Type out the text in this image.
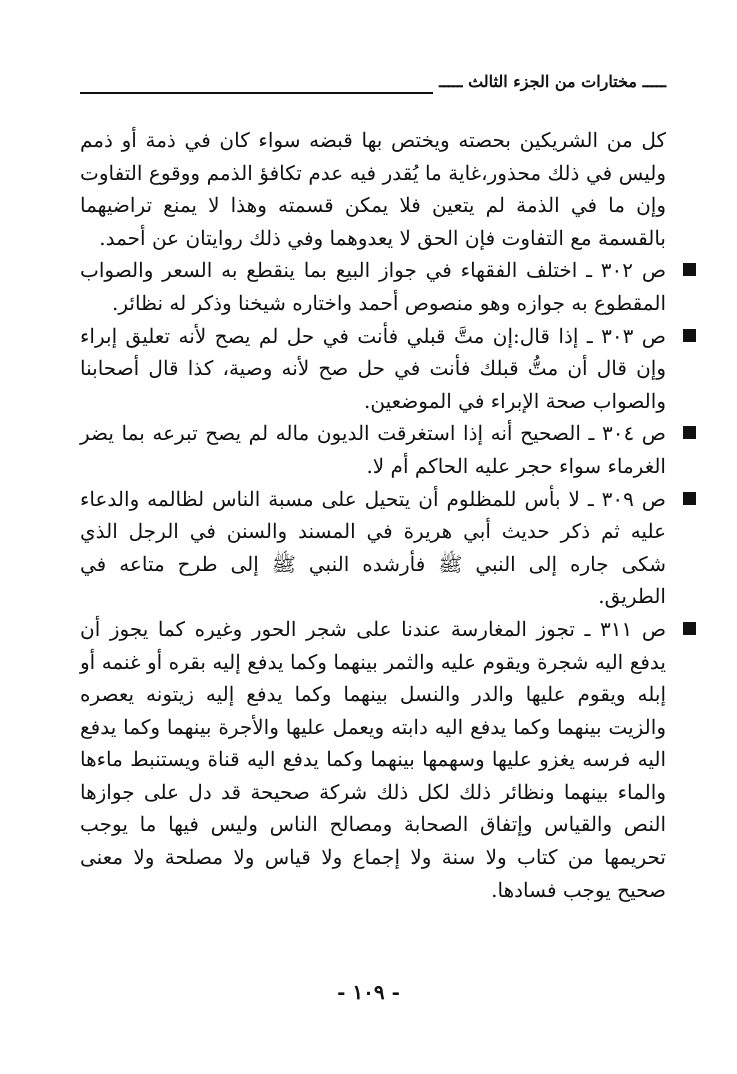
ـــــ مختارات من الجزء الثالث ـــــ

كل من الشريكين بحصته ويختص بها قبضه سواء كان في ذمة أو ذمم وليس في ذلك محذور،غاية ما يُقدر فيه عدم تكافؤ الذمم ووقوع التفاوت وإن ما في الذمة لم يتعين فلا يمكن قسمته وهذا لا يمنع تراضيهما بالقسمة مع التفاوت فإن الحق لا يعدوهما وفي ذلك روايتان عن أحمد.

ص ٣٠٢ ـ اختلف الفقهاء في جواز البيع بما ينقطع به السعر والصواب المقطوع به جوازه وهو منصوص أحمد واختاره شيخنا وذكر له نظائر.
ص ٣٠٣ ـ إذا قال:إن متَّ قبلي فأنت في حل لم يصح لأنه تعليق إبراء وإن قال أن متُّ قبلك فأنت في حل صح لأنه وصية، كذا قال أصحابنا والصواب صحة الإبراء في الموضعين.
ص ٣٠٤ ـ الصحيح أنه إذا استغرقت الديون ماله لم يصح تبرعه بما يضر الغرماء سواء حجر عليه الحاكم أم لا.
ص ٣٠٩ ـ لا بأس للمظلوم أن يتحيل على مسبة الناس لظالمه والدعاء عليه ثم ذكر حديث أبي هريرة في المسند والسنن في الرجل الذي شكى جاره إلى النبي ﷺ فأرشده النبي ﷺ إلى طرح متاعه في الطريق.
ص ٣١١ ـ تجوز المغارسة عندنا على شجر الحور وغيره كما يجوز أن يدفع اليه شجرة ويقوم عليه والثمر بينهما وكما يدفع إليه بقره أو غنمه أو إبله ويقوم عليها والدر والنسل بينهما وكما يدفع إليه زيتونه يعصره والزيت بينهما وكما يدفع اليه دابته ويعمل عليها والأجرة بينهما وكما يدفع اليه فرسه يغزو عليها وسهمها بينهما وكما يدفع اليه قناة ويستنبط ماءها والماء بينهما ونظائر ذلك لكل ذلك شركة صحيحة قد دل على جوازها النص والقياس وإتفاق الصحابة ومصالح الناس وليس فيها ما يوجب تحريمها من كتاب ولا سنة ولا إجماع ولا قياس ولا مصلحة ولا معنى صحيح يوجب فسادها.
- ١٠٩ -
